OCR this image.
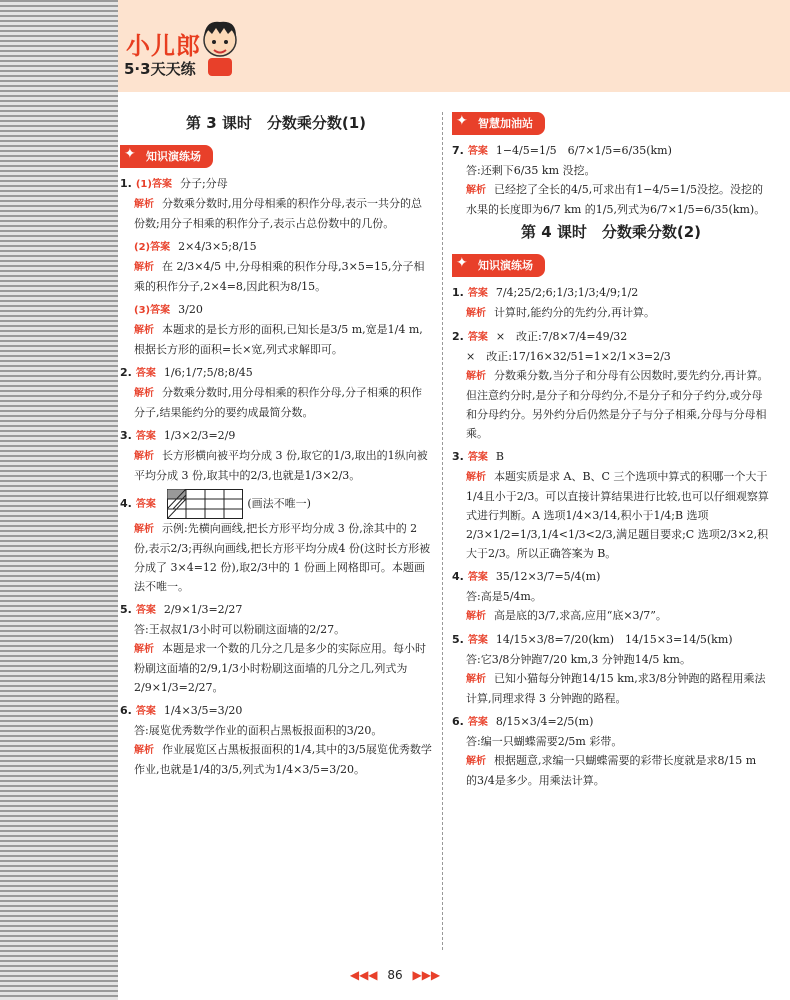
小儿郎
5·3天天练
第 3 课时　分数乘分数(1)
✦ 知识演练场
1. (1)答案 分子;分母
解析 分数乘分数时,用分母相乘的积作分母,表示一共分的总份数;用分子相乘的积作分子,表示占总份数中的几份。
(2)答案 2×4/3×5;8/15
解析 在 2/3×4/5 中,分母相乘的积作分母,3×5=15,分子相乘的积作分子,2×4=8,因此积为8/15。
(3)答案 3/20
解析 本题求的是长方形的面积,已知长是3/5 m,宽是1/4 m,根据长方形的面积=长×宽,列式求解即可。
2. 答案 1/6;1/7;5/8;8/45
解析 分数乘分数时,用分母相乘的积作分母,分子相乘的积作分子,结果能约分的要约成最简分数。
3. 答案 1/3×2/3=2/9
解析 长方形横向被平均分成 3 份,取它的1/3,取出的1纵向被平均分成 3 份,取其中的2/3,也就是1/3×2/3。
4. 答案	(画法不唯一)
解析 示例:先横向画线,把长方形平均分成 3 份,涂其中的 2 份,表示2/3;再纵向画线,把长方形平均分成4 份(这时长方形被分成了 3×4=12 份),取2/3中的 1 份画上网格即可。本题画法不唯一。
5. 答案 2/9×1/3=2/27
答:王叔叔1/3小时可以粉刷这面墙的2/27。
解析 本题是求一个数的几分之几是多少的实际应用。每小时粉刷这面墙的2/9,1/3小时粉刷这面墙的几分之几,列式为2/9×1/3=2/27。
6. 答案 1/4×3/5=3/20
答:展览优秀数学作业的面积占黑板报面积的3/20。
解析 作业展览区占黑板报面积的1/4,其中的3/5展览优秀数学作业,也就是1/4的3/5,列式为1/4×3/5=3/20。
✦ 智慧加油站
7. 答案 1−4/5=1/5　6/7×1/5=6/35(km)
答:还剩下6/35 km 没挖。
解析 已经挖了全长的4/5,可求出有1−4/5=1/5没挖。没挖的水果的长度即为6/7 km 的1/5,列式为6/7×1/5=6/35(km)。
第 4 课时　分数乘分数(2)
✦ 知识演练场
1. 答案 7/4;25/2;6;1/3;1/3;4/9;1/2
解析 计算时,能约分的先约分,再计算。
2. 答案 ×　改正:7/8×7/4=49/32
×　改正:17/16×32/51=1×2/1×3=2/3
解析 分数乘分数,当分子和分母有公因数时,要先约分,再计算。但注意约分时,是分子和分母约分,不是分子和分子约分,或分母和分母约分。另外约分后仍然是分子与分子相乘,分母与分母相乘。
3. 答案 B
解析 本题实质是求 A、B、C 三个选项中算式的积哪一个大于1/4且小于2/3。可以直接计算结果进行比较,也可以仔细观察算式进行判断。A 选项1/4×3/14,积小于1/4;B 选项2/3×1/2=1/3,1/4<1/3<2/3,满足题目要求;C 选项2/3×2,积大于2/3。所以正确答案为 B。
4. 答案 35/12×3/7=5/4(m)
答:高是5/4m。
解析 高是底的3/7,求高,应用“底×3/7”。
5. 答案 14/15×3/8=7/20(km)　14/15×3=14/5(km)
答:它3/8分钟跑7/20 km,3 分钟跑14/5 km。
解析 已知小猫每分钟跑14/15 km,求3/8分钟跑的路程用乘法计算,同理求得 3 分钟跑的路程。
6. 答案 8/15×3/4=2/5(m)
答:编一只蝴蝶需要2/5m 彩带。
解析 根据题意,求编一只蝴蝶需要的彩带长度就是求8/15 m 的3/4是多少。用乘法计算。
◀◀◀ 86 ▶▶▶
